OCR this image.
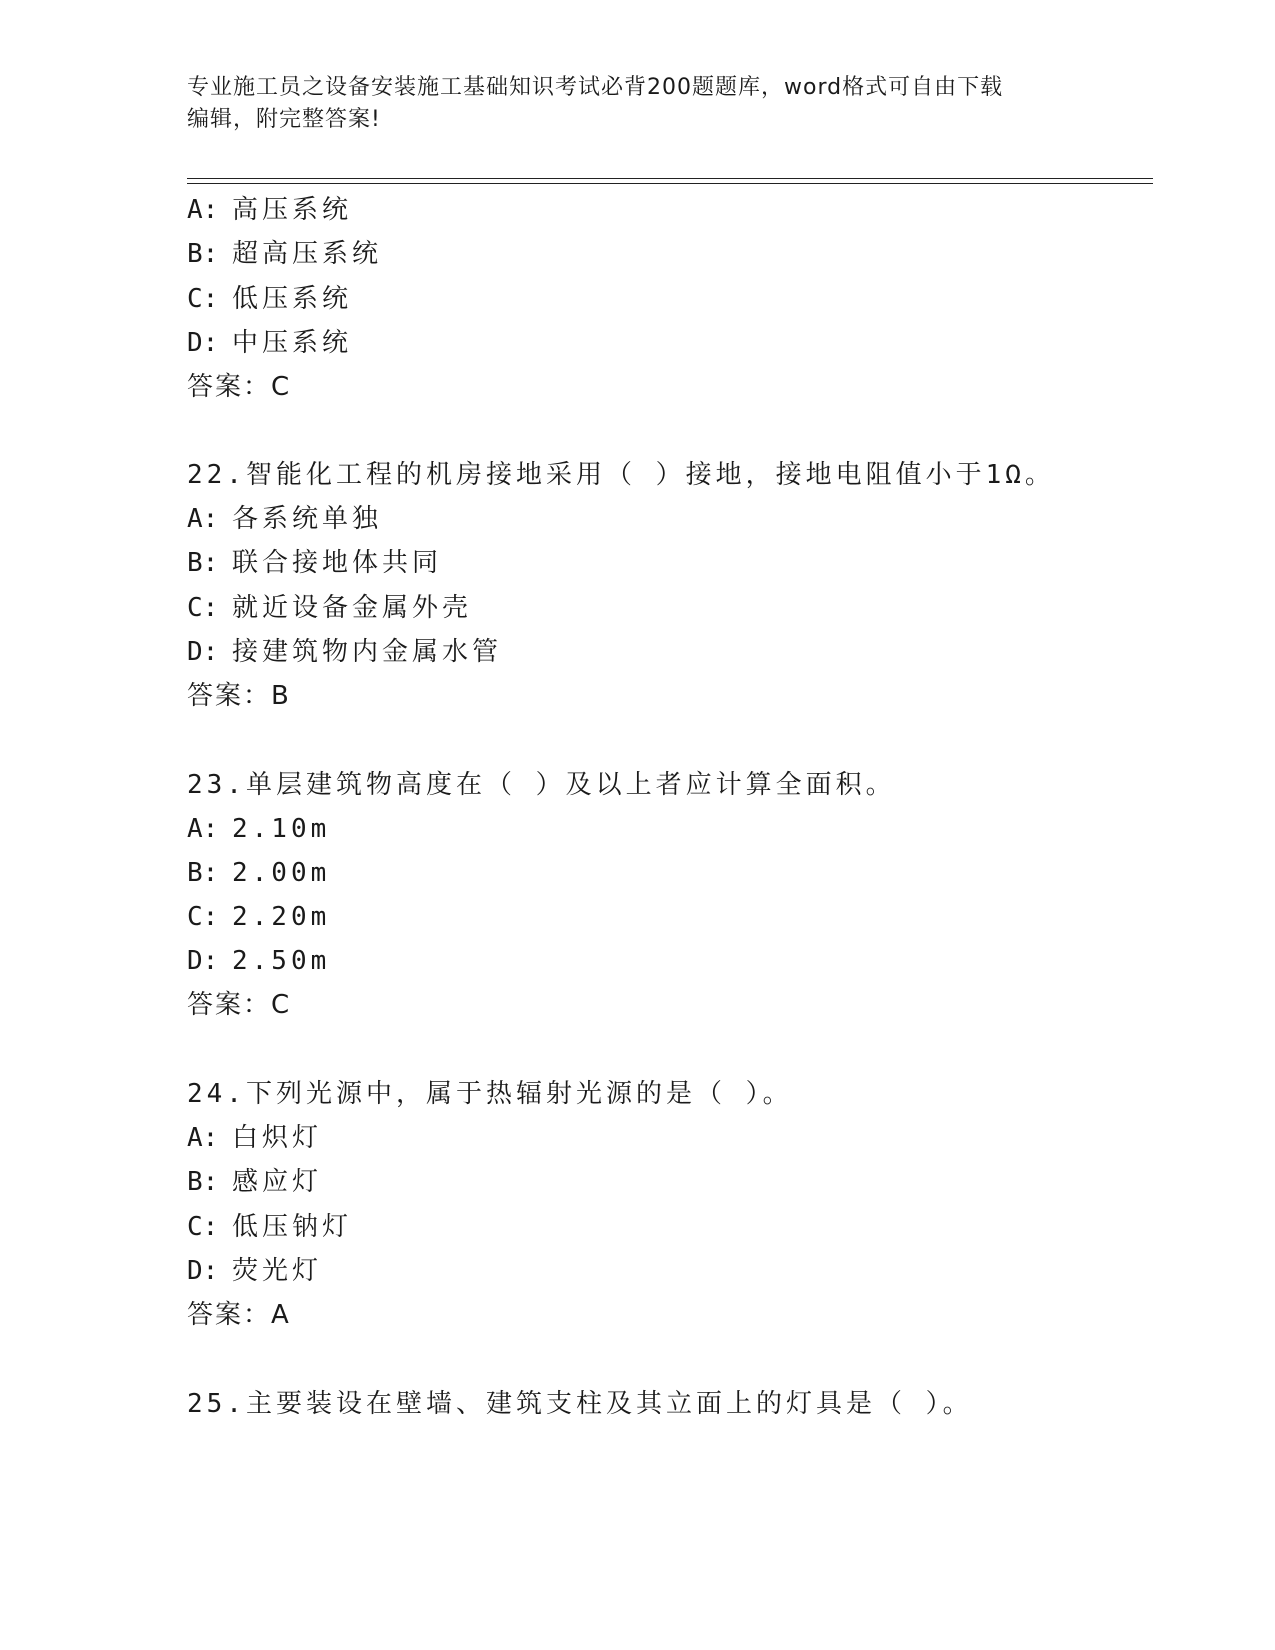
专业施工员之设备安装施工基础知识考试必背200题题库，word格式可自由下载
编辑，附完整答案!
A: 高压系统
B: 超高压系统
C: 低压系统
D: 中压系统
答案：C
22.智能化工程的机房接地采用（ ）接地，接地电阻值小于1Ω。
A: 各系统单独
B: 联合接地体共同
C: 就近设备金属外壳
D: 接建筑物内金属水管
答案：B
23.单层建筑物高度在（ ）及以上者应计算全面积。
A: 2.10m
B: 2.00m
C: 2.20m
D: 2.50m
答案：C
24.下列光源中，属于热辐射光源的是（ ）。
A: 白炽灯
B: 感应灯
C: 低压钠灯
D: 荧光灯
答案：A
25.主要装设在壁墙、建筑支柱及其立面上的灯具是（ ）。
